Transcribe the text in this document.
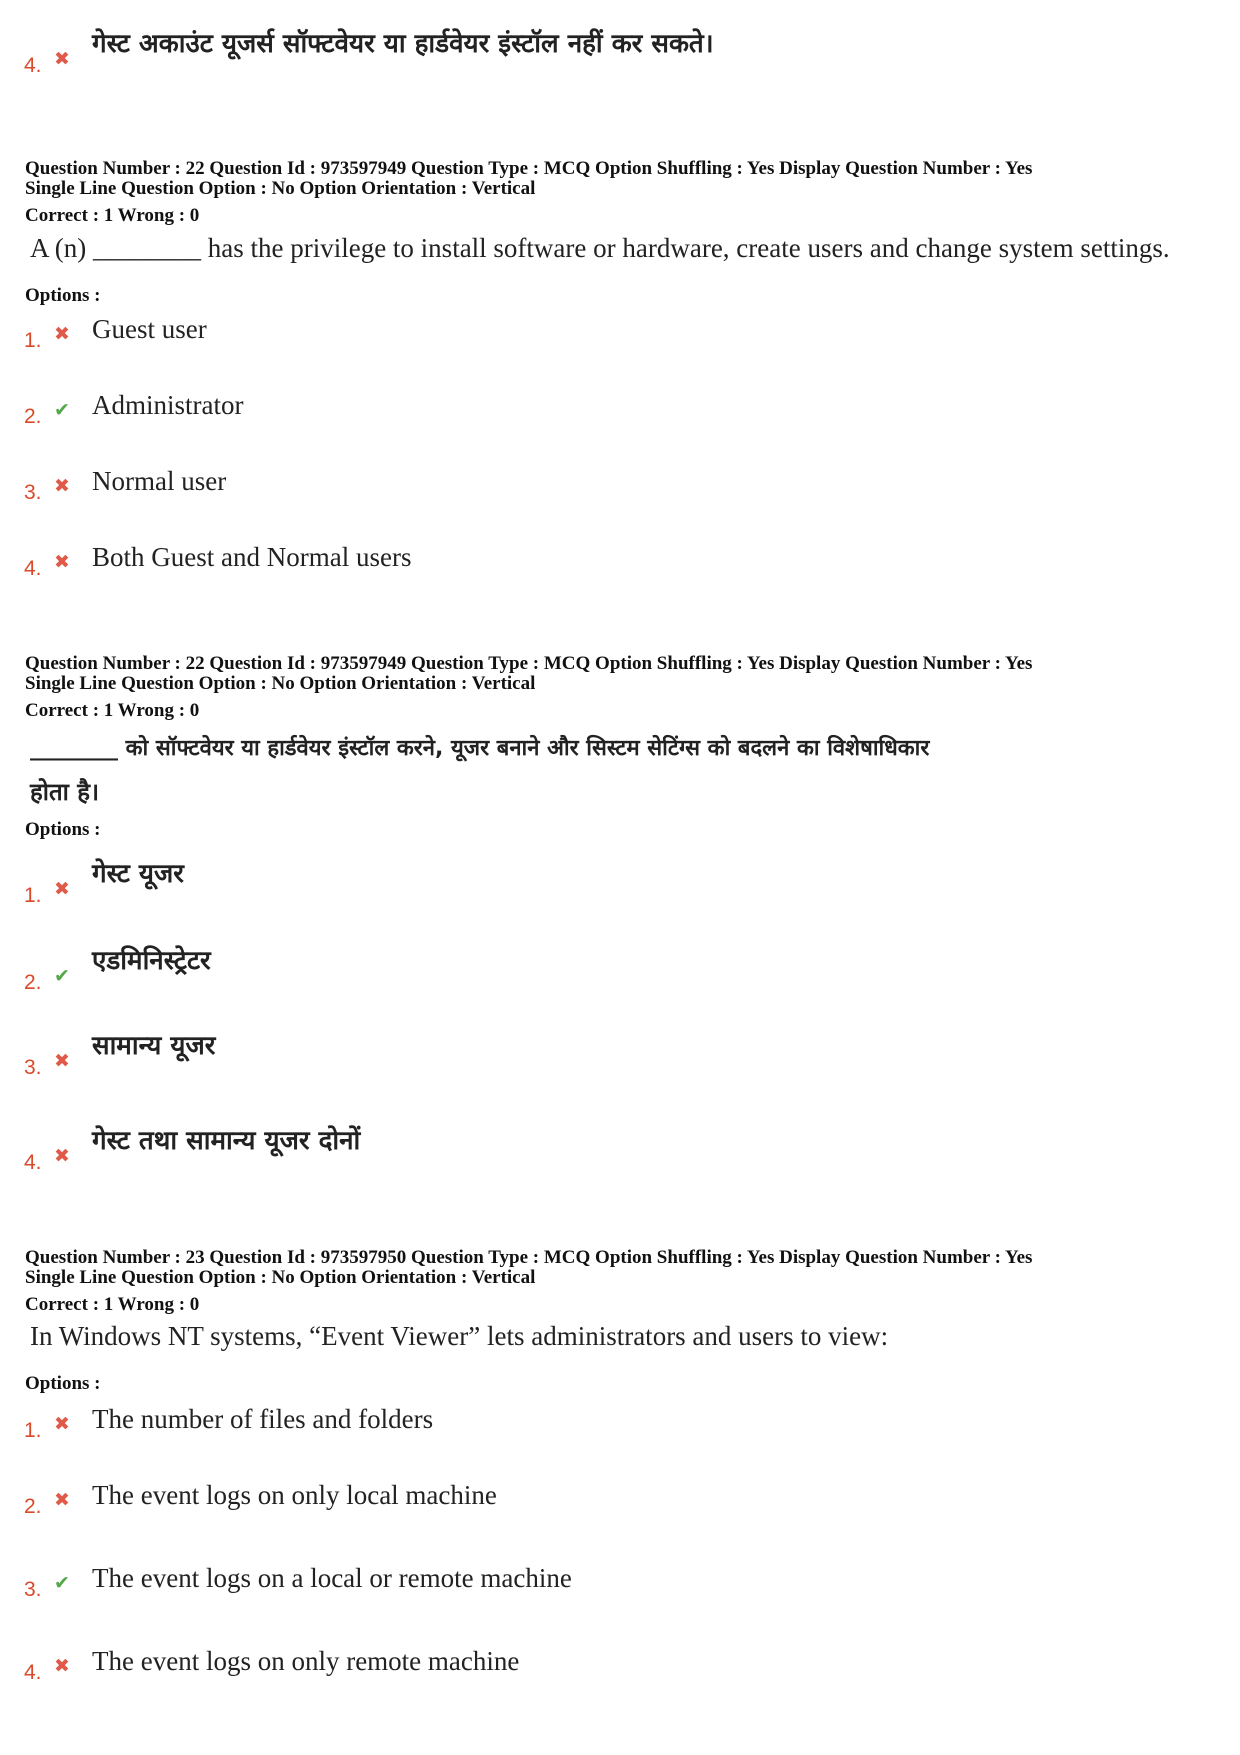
4. ✖ गेस्ट अकाउंट यूजर्स सॉफ्टवेयर या हार्डवेयर इंस्टॉल नहीं कर सकते।
Question Number : 22 Question Id : 973597949 Question Type : MCQ Option Shuffling : Yes Display Question Number : Yes
Single Line Question Option : No Option Orientation : Vertical
Correct : 1 Wrong : 0
A (n) ________ has the privilege to install software or hardware, create users and change system settings.
Options :
1. ✖ Guest user
2. ✔ Administrator
3. ✖ Normal user
4. ✖ Both Guest and Normal users
Question Number : 22 Question Id : 973597949 Question Type : MCQ Option Shuffling : Yes Display Question Number : Yes
Single Line Question Option : No Option Orientation : Vertical
Correct : 1 Wrong : 0
________ को सॉफ्टवेयर या हार्डवेयर इंस्टॉल करने, यूजर बनाने और सिस्टम सेटिंग्स को बदलने का विशेषाधिकार
होता है।
Options :
1. ✖ गेस्ट यूजर
2. ✔ एडमिनिस्ट्रेटर
3. ✖ सामान्य यूजर
4. ✖ गेस्ट तथा सामान्य यूजर दोनों
Question Number : 23 Question Id : 973597950 Question Type : MCQ Option Shuffling : Yes Display Question Number : Yes
Single Line Question Option : No Option Orientation : Vertical
Correct : 1 Wrong : 0
In Windows NT systems, “Event Viewer” lets administrators and users to view:
Options :
1. ✖ The number of files and folders
2. ✖ The event logs on only local machine
3. ✔ The event logs on a local or remote machine
4. ✖ The event logs on only remote machine
